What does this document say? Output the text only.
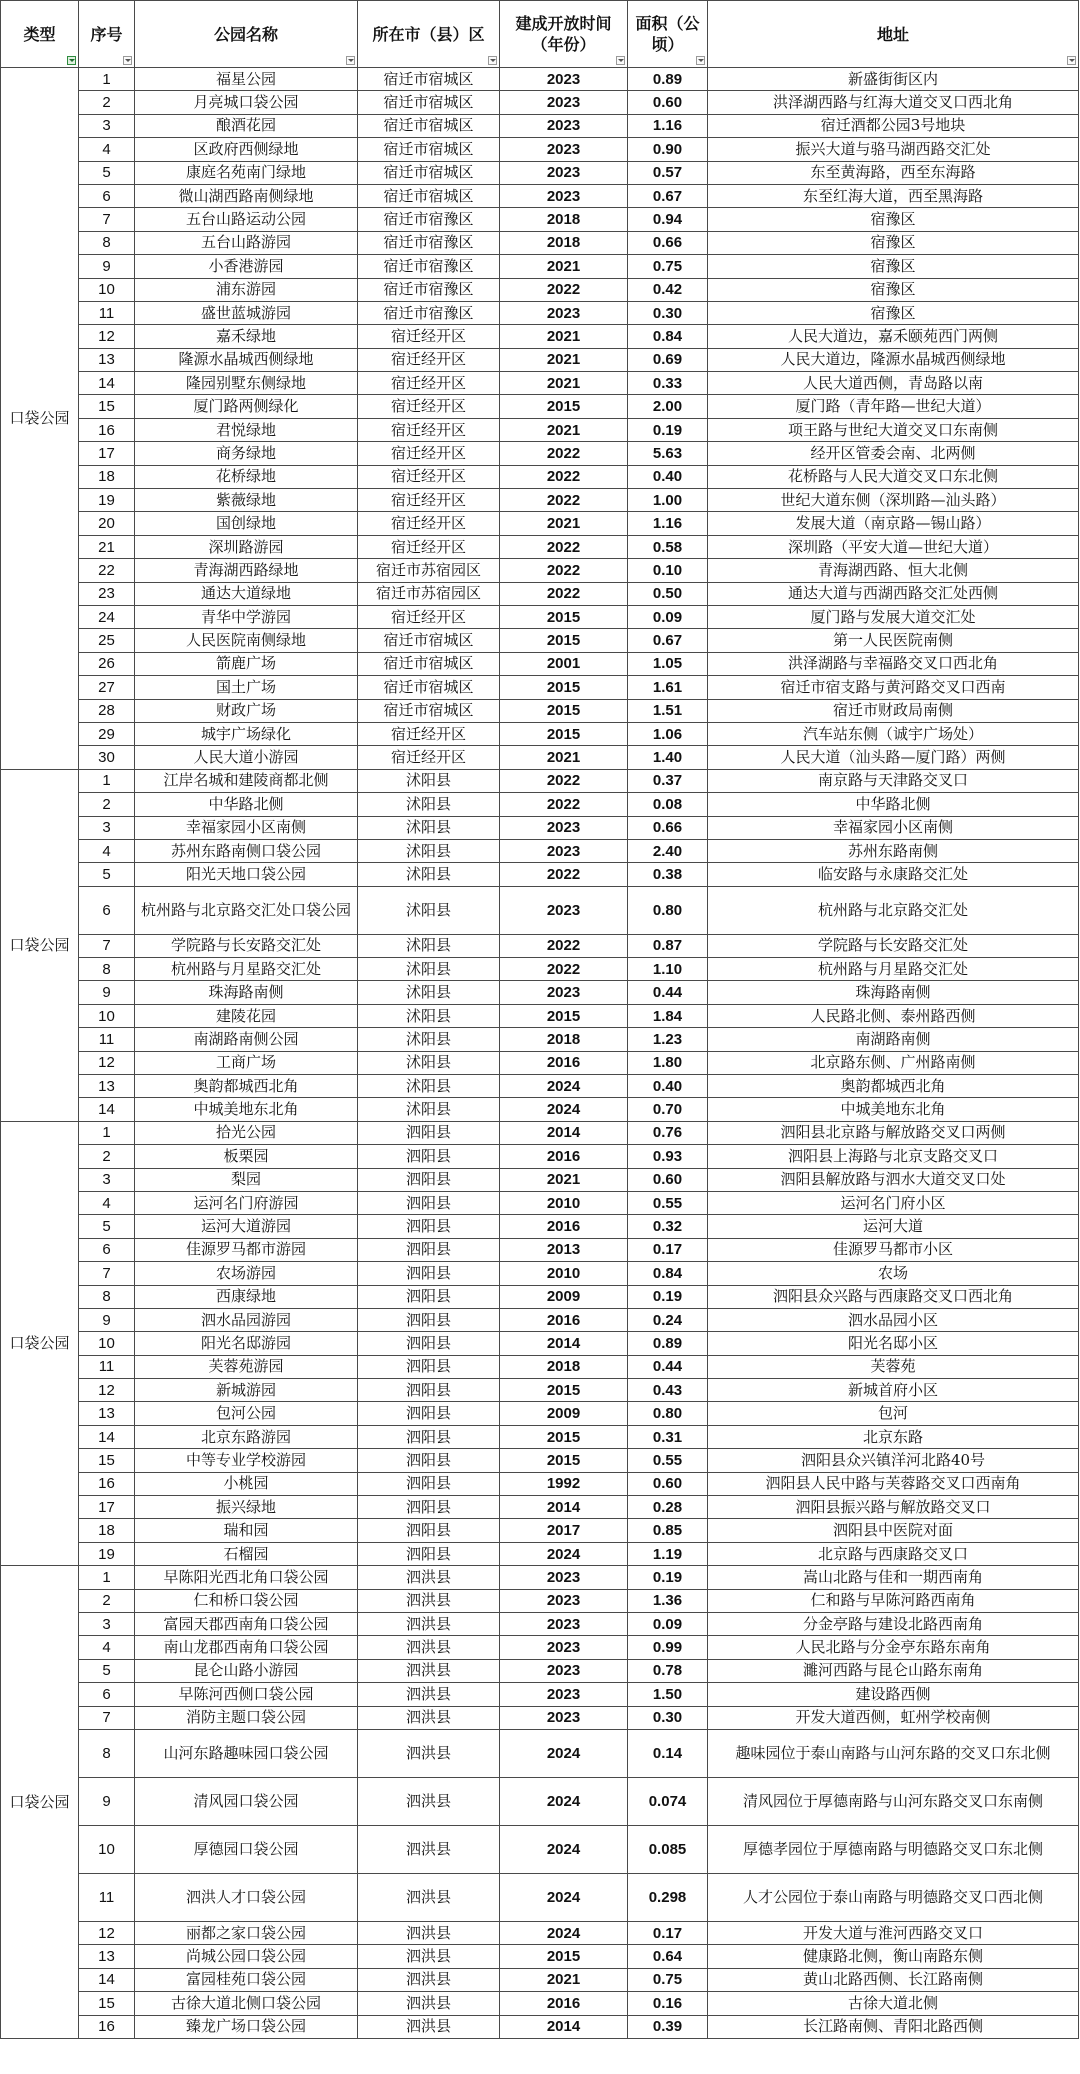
类型	序号	公园名称	所在市（县）区	建成开放时间（年份）	面积（公顷）	地址

口袋公园	1	福星公园	宿迁市宿城区	2023	0.89	新盛街街区内
	2	月亮城口袋公园	宿迁市宿城区	2023	0.60	洪泽湖西路与红海大道交叉口西北角
	3	酿酒花园	宿迁市宿城区	2023	1.16	宿迁酒都公园3号地块
	4	区政府西侧绿地	宿迁市宿城区	2023	0.90	振兴大道与骆马湖西路交汇处
	5	康庭名苑南门绿地	宿迁市宿城区	2023	0.57	东至黄海路，西至东海路
	6	微山湖西路南侧绿地	宿迁市宿城区	2023	0.67	东至红海大道，西至黑海路
	7	五台山路运动公园	宿迁市宿豫区	2018	0.94	宿豫区
	8	五台山路游园	宿迁市宿豫区	2018	0.66	宿豫区
	9	小香港游园	宿迁市宿豫区	2021	0.75	宿豫区
	10	浦东游园	宿迁市宿豫区	2022	0.42	宿豫区
	11	盛世蓝城游园	宿迁市宿豫区	2023	0.30	宿豫区
	12	嘉禾绿地	宿迁经开区	2021	0.84	人民大道边，嘉禾颐苑西门两侧
	13	隆源水晶城西侧绿地	宿迁经开区	2021	0.69	人民大道边，隆源水晶城西侧绿地
	14	隆园别墅东侧绿地	宿迁经开区	2021	0.33	人民大道西侧，青岛路以南
	15	厦门路两侧绿化	宿迁经开区	2015	2.00	厦门路（青年路—世纪大道）
	16	君悦绿地	宿迁经开区	2021	0.19	项王路与世纪大道交叉口东南侧
	17	商务绿地	宿迁经开区	2022	5.63	经开区管委会南、北两侧
	18	花桥绿地	宿迁经开区	2022	0.40	花桥路与人民大道交叉口东北侧
	19	紫薇绿地	宿迁经开区	2022	1.00	世纪大道东侧（深圳路—汕头路）
	20	国创绿地	宿迁经开区	2021	1.16	发展大道（南京路—锡山路）
	21	深圳路游园	宿迁经开区	2022	0.58	深圳路（平安大道—世纪大道）
	22	青海湖西路绿地	宿迁市苏宿园区	2022	0.10	青海湖西路、恒大北侧
	23	通达大道绿地	宿迁市苏宿园区	2022	0.50	通达大道与西湖西路交汇处西侧
	24	青华中学游园	宿迁经开区	2015	0.09	厦门路与发展大道交汇处
	25	人民医院南侧绿地	宿迁市宿城区	2015	0.67	第一人民医院南侧
	26	箭鹿广场	宿迁市宿城区	2001	1.05	洪泽湖路与幸福路交叉口西北角
	27	国土广场	宿迁市宿城区	2015	1.61	宿迁市宿支路与黄河路交叉口西南
	28	财政广场	宿迁市宿城区	2015	1.51	宿迁市财政局南侧
	29	城宇广场绿化	宿迁经开区	2015	1.06	汽车站东侧（诚宇广场处）
	30	人民大道小游园	宿迁经开区	2021	1.40	人民大道（汕头路—厦门路）两侧
口袋公园	1	江岸名城和建陵商都北侧	沭阳县	2022	0.37	南京路与天津路交叉口
	2	中华路北侧	沭阳县	2022	0.08	中华路北侧
	3	幸福家园小区南侧	沭阳县	2023	0.66	幸福家园小区南侧
	4	苏州东路南侧口袋公园	沭阳县	2023	2.40	苏州东路南侧
	5	阳光天地口袋公园	沭阳县	2022	0.38	临安路与永康路交汇处
	6	杭州路与北京路交汇处口袋公园	沭阳县	2023	0.80	杭州路与北京路交汇处
	7	学院路与长安路交汇处	沭阳县	2022	0.87	学院路与长安路交汇处
	8	杭州路与月星路交汇处	沭阳县	2022	1.10	杭州路与月星路交汇处
	9	珠海路南侧	沭阳县	2023	0.44	珠海路南侧
	10	建陵花园	沭阳县	2015	1.84	人民路北侧、泰州路西侧
	11	南湖路南侧公园	沭阳县	2018	1.23	南湖路南侧
	12	工商广场	沭阳县	2016	1.80	北京路东侧、广州路南侧
	13	奥韵都城西北角	沭阳县	2024	0.40	奥韵都城西北角
	14	中城美地东北角	沭阳县	2024	0.70	中城美地东北角
口袋公园	1	拾光公园	泗阳县	2014	0.76	泗阳县北京路与解放路交叉口两侧
	2	板栗园	泗阳县	2016	0.93	泗阳县上海路与北京支路交叉口
	3	梨园	泗阳县	2021	0.60	泗阳县解放路与泗水大道交叉口处
	4	运河名门府游园	泗阳县	2010	0.55	运河名门府小区
	5	运河大道游园	泗阳县	2016	0.32	运河大道
	6	佳源罗马都市游园	泗阳县	2013	0.17	佳源罗马都市小区
	7	农场游园	泗阳县	2010	0.84	农场
	8	西康绿地	泗阳县	2009	0.19	泗阳县众兴路与西康路交叉口西北角
	9	泗水品园游园	泗阳县	2016	0.24	泗水品园小区
	10	阳光名邸游园	泗阳县	2014	0.89	阳光名邸小区
	11	芙蓉苑游园	泗阳县	2018	0.44	芙蓉苑
	12	新城游园	泗阳县	2015	0.43	新城首府小区
	13	包河公园	泗阳县	2009	0.80	包河
	14	北京东路游园	泗阳县	2015	0.31	北京东路
	15	中等专业学校游园	泗阳县	2015	0.55	泗阳县众兴镇洋河北路40号
	16	小桃园	泗阳县	1992	0.60	泗阳县人民中路与芙蓉路交叉口西南角
	17	振兴绿地	泗阳县	2014	0.28	泗阳县振兴路与解放路交叉口
	18	瑞和园	泗阳县	2017	0.85	泗阳县中医院对面
	19	石榴园	泗阳县	2024	1.19	北京路与西康路交叉口
口袋公园	1	早陈阳光西北角口袋公园	泗洪县	2023	0.19	嵩山北路与佳和一期西南角
	2	仁和桥口袋公园	泗洪县	2023	1.36	仁和路与早陈河路西南角
	3	富园天郡西南角口袋公园	泗洪县	2023	0.09	分金亭路与建设北路西南角
	4	南山龙郡西南角口袋公园	泗洪县	2023	0.99	人民北路与分金亭东路东南角
	5	昆仑山路小游园	泗洪县	2023	0.78	濉河西路与昆仑山路东南角
	6	早陈河西侧口袋公园	泗洪县	2023	1.50	建设路西侧
	7	消防主题口袋公园	泗洪县	2023	0.30	开发大道西侧，虹州学校南侧
	8	山河东路趣味园口袋公园	泗洪县	2024	0.14	趣味园位于泰山南路与山河东路的交叉口东北侧
	9	清风园口袋公园	泗洪县	2024	0.074	清风园位于厚德南路与山河东路交叉口东南侧
	10	厚德园口袋公园	泗洪县	2024	0.085	厚德孝园位于厚德南路与明德路交叉口东北侧
	11	泗洪人才口袋公园	泗洪县	2024	0.298	人才公园位于泰山南路与明德路交叉口西北侧
	12	丽都之家口袋公园	泗洪县	2024	0.17	开发大道与淮河西路交叉口
	13	尚城公园口袋公园	泗洪县	2015	0.64	健康路北侧，衡山南路东侧
	14	富园桂苑口袋公园	泗洪县	2021	0.75	黄山北路西侧、长江路南侧
	15	古徐大道北侧口袋公园	泗洪县	2016	0.16	古徐大道北侧
	16	臻龙广场口袋公园	泗洪县	2014	0.39	长江路南侧、青阳北路西侧
